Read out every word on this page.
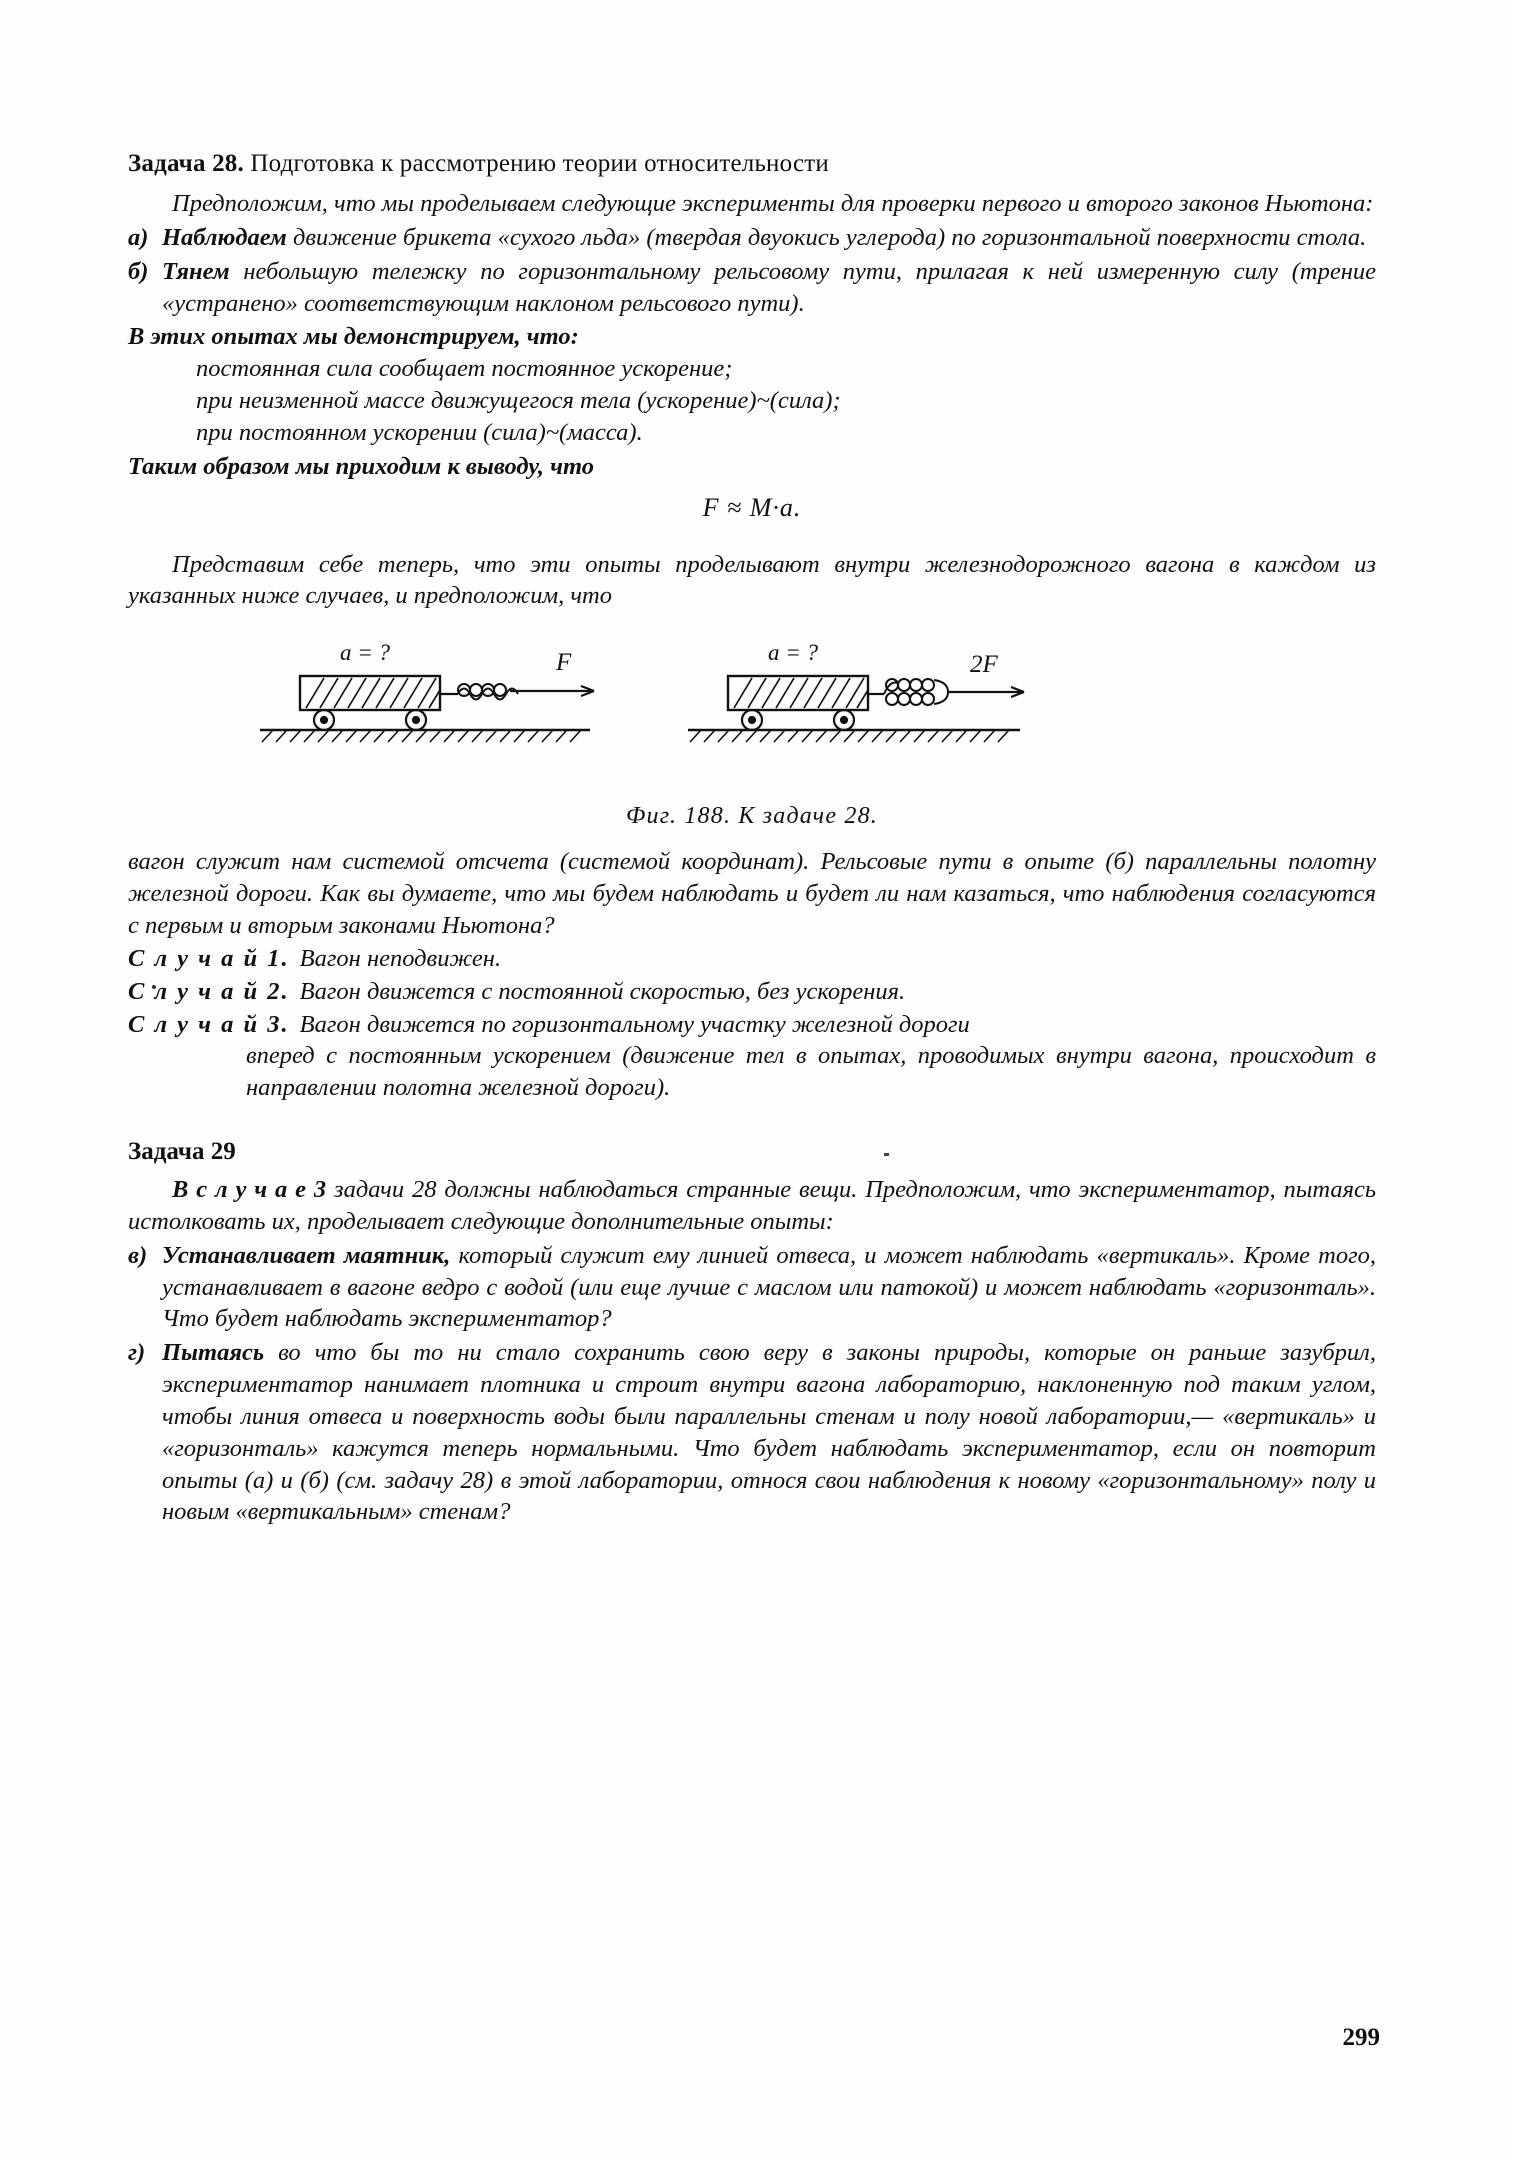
Задача 28. Подготовка к рассмотрению теории относительности

Предположим, что мы проделываем следующие эксперименты для проверки первого и второго законов Ньютона:

а) Наблюдаем движение брикета «сухого льда» (твердая двуокись углерода) по горизонтальной поверхности стола.
б) Тянем небольшую тележку по горизонтальному рельсовому пути, прилагая к ней измеренную силу (трение «устранено» соответствующим наклоном рельсового пути).

В этих опытах мы демонстрируем, что:

постоянная сила сообщает постоянное ускорение;

при неизменной массе движущегося тела (ускорение)~(сила);

при постоянном ускорении (сила)~(масса).

Таким образом мы приходим к выводу, что

F ≈ M·a.

Представим себе теперь, что эти опыты проделывают внутри железнодорожного вагона в каждом из указанных ниже случаев, и предположим, что

a = ?	F	a = ?	2F
Фиг. 188. К задаче 28.

вагон служит нам системой отсчета (системой координат). Рельсовые пути в опыте (б) параллельны полотну железной дороги. Как вы думаете, что мы будем наблюдать и будет ли нам казаться, что наблюдения согласуются с первым и вторым законами Ньютона?

С л у ч а й 1. Вагон неподвижен.
С л у ч а й 2. Вагон движется с постоянной скоростью, без ускорения.
С л у ч а й 3. Вагон движется по горизонтальному участку железной дороги

вперед с постоянным ускорением (движение тел в опытах, проводимых внутри вагона, происходит в направлении полотна железной дороги).

Задача 29

В с л у ч а е 3 задачи 28 должны наблюдаться странные вещи. Предположим, что экспериментатор, пытаясь истолковать их, проделывает следующие дополнительные опыты:

в) Устанавливает маятник, который служит ему линией отвеса, и может наблюдать «вертикаль». Кроме того, устанавливает в вагоне ведро с водой (или еще лучше с маслом или патокой) и может наблюдать «горизонталь». Что будет наблюдать экспериментатор?
г) Пытаясь во что бы то ни стало сохранить свою веру в законы природы, которые он раньше зазубрил, экспериментатор нанимает плотника и строит внутри вагона лабораторию, наклоненную под таким углом, чтобы линия отвеса и поверхность воды были параллельны стенам и полу новой лаборатории,— «вертикаль» и «горизонталь» кажутся теперь нормальными. Что будет наблюдать экспериментатор, если он повторит опыты (а) и (б) (см. задачу 28) в этой лаборатории, относя свои наблюдения к новому «горизонтальному» полу и новым «вертикальным» стенам?
299
